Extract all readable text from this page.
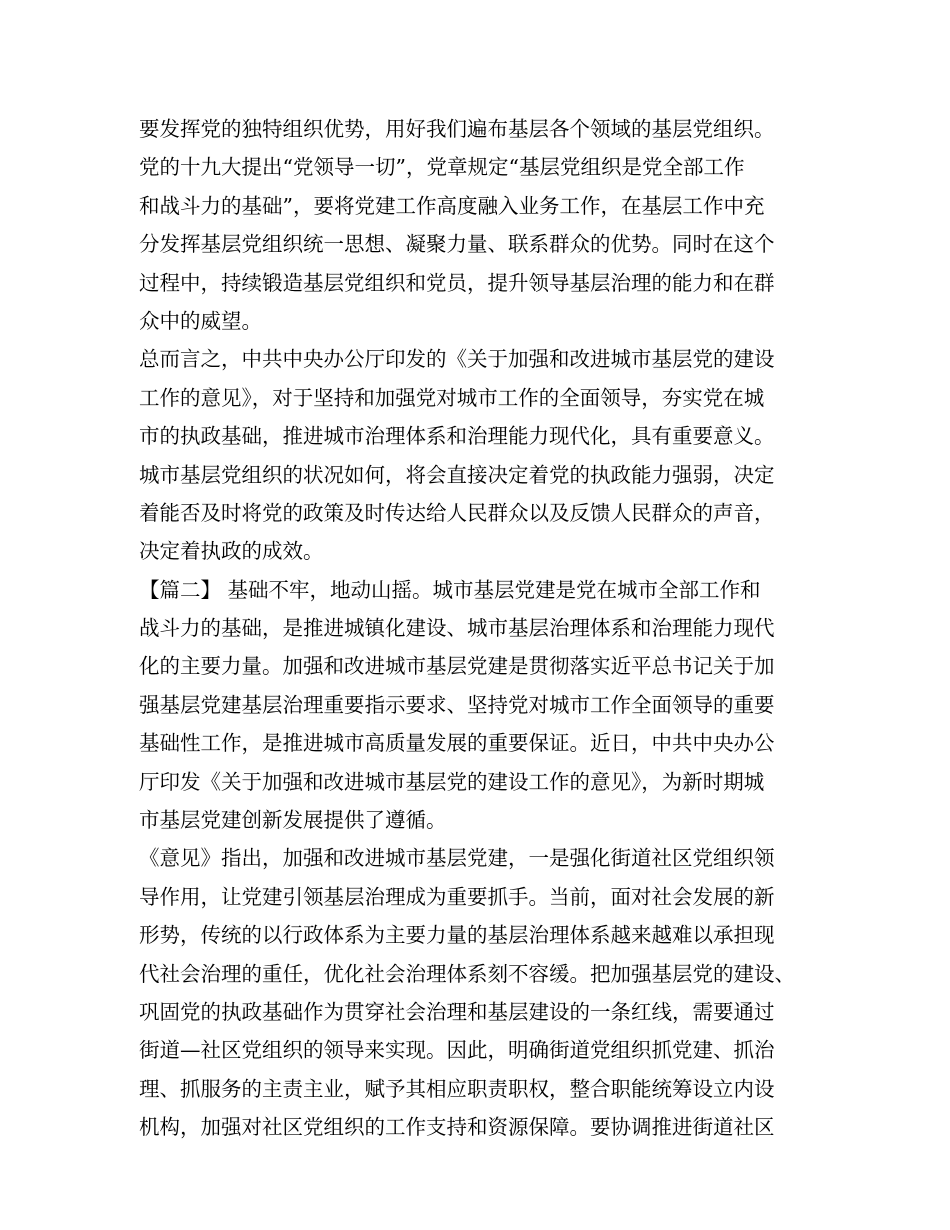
要发挥党的独特组织优势，用好我们遍布基层各个领域的基层党组织。
党的十九大提出“党领导一切”，党章规定“基层党组织是党全部工作
和战斗力的基础”，要将党建工作高度融入业务工作，在基层工作中充
分发挥基层党组织统一思想、凝聚力量、联系群众的优势。同时在这个
过程中，持续锻造基层党组织和党员，提升领导基层治理的能力和在群
众中的威望。
总而言之，中共中央办公厅印发的《关于加强和改进城市基层党的建设
工作的意见》，对于坚持和加强党对城市工作的全面领导，夯实党在城
市的执政基础，推进城市治理体系和治理能力现代化，具有重要意义。
城市基层党组织的状况如何，将会直接决定着党的执政能力强弱，决定
着能否及时将党的政策及时传达给人民群众以及反馈人民群众的声音，
决定着执政的成效。
【篇二】 基础不牢，地动山摇。城市基层党建是党在城市全部工作和
战斗力的基础，是推进城镇化建设、城市基层治理体系和治理能力现代
化的主要力量。加强和改进城市基层党建是贯彻落实近平总书记关于加
强基层党建基层治理重要指示要求、坚持党对城市工作全面领导的重要
基础性工作，是推进城市高质量发展的重要保证。近日，中共中央办公
厅印发《关于加强和改进城市基层党的建设工作的意见》，为新时期城
市基层党建创新发展提供了遵循。
《意见》指出，加强和改进城市基层党建，一是强化街道社区党组织领
导作用，让党建引领基层治理成为重要抓手。当前，面对社会发展的新
形势，传统的以行政体系为主要力量的基层治理体系越来越难以承担现
代社会治理的重任，优化社会治理体系刻不容缓。把加强基层党的建设、
巩固党的执政基础作为贯穿社会治理和基层建设的一条红线，需要通过
街道—社区党组织的领导来实现。因此，明确街道党组织抓党建、抓治
理、抓服务的主责主业，赋予其相应职责职权，整合职能统筹设立内设
机构，加强对社区党组织的工作支持和资源保障。要协调推进街道社区
